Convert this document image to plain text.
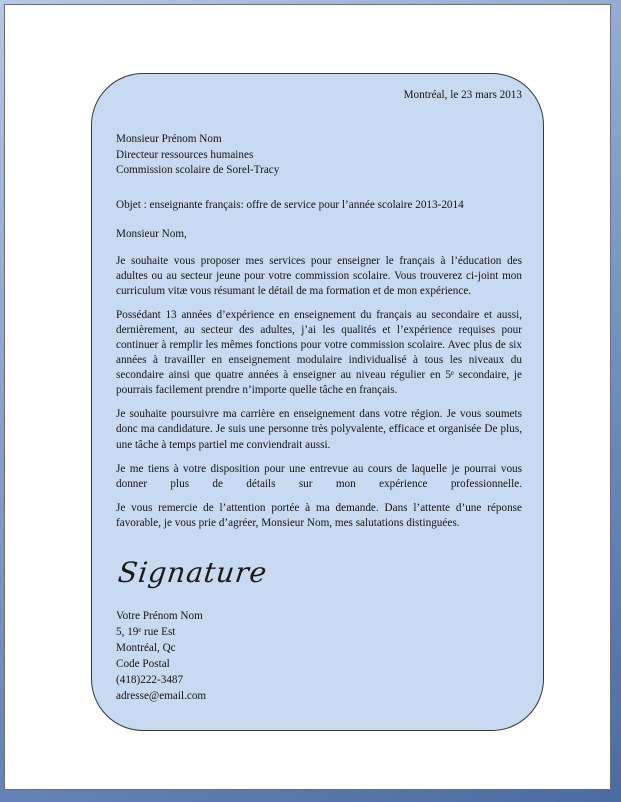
Montréal, le 23 mars 2013
Monsieur Prénom Nom
Directeur ressources humaines
Commission scolaire de Sorel-Tracy
Objet : enseignante français: offre de service pour l’année scolaire 2013-2014
Monsieur Nom,

Je souhaite vous proposer mes services pour enseigner le français à l’éducation des adultes ou au secteur jeune pour votre commission scolaire. Vous trouverez ci-joint mon curriculum vitæ vous résumant le détail de ma formation et de mon expérience.

Possédant 13 années d’expérience en enseignement du français au secondaire et aussi, dernièrement, au secteur des adultes, j’ai les qualités et l’expérience requises pour continuer à remplir les mêmes fonctions pour votre commission scolaire. Avec plus de six années à travailler en enseignement modulaire individualisé à tous les niveaux du secondaire ainsi que quatre années à enseigner au niveau régulier en 5ᵉ secondaire, je pourrais facilement prendre n’importe quelle tâche en français.

Je souhaite poursuivre ma carrière en enseignement dans votre région. Je vous soumets donc ma candidature. Je suis une personne très polyvalente, efficace et organisée De plus, une tâche à temps partiel me conviendrait aussi.

Je me tiens à votre disposition pour une entrevue au cours de laquelle je pourrai vous donner plus de détails sur mon expérience professionnelle.

Je vous remercie de l’attention portée à ma demande. Dans l’attente d’une réponse favorable, je vous prie d’agréer, Monsieur Nom, mes salutations distinguées.

Signature
Votre Prénom Nom
5, 19ᵉ rue Est
Montréal, Qc
Code Postal
(418)222-3487
adresse@email.com
